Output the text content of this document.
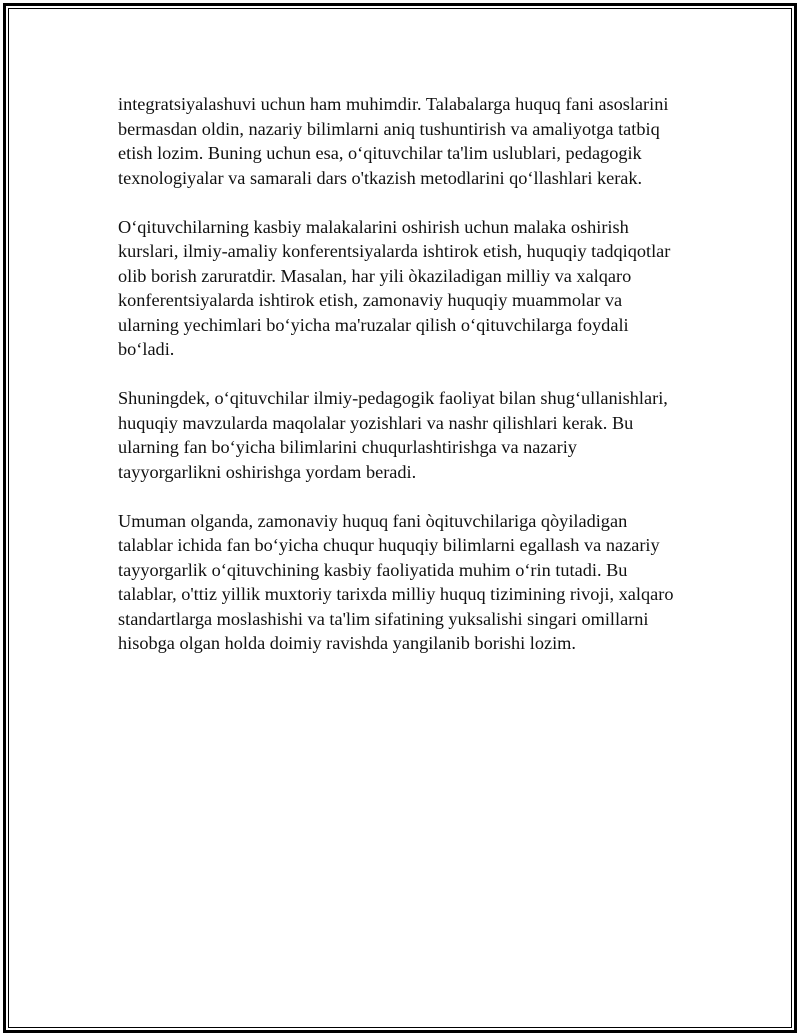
integratsiyalashuvi uchun ham muhimdir. Talabalarga huquq fani asoslarini
bermasdan oldin, nazariy bilimlarni aniq tushuntirish va amaliyotga tatbiq
etish lozim. Buning uchun esa, o‘qituvchilar ta'lim uslublari, pedagogik
texnologiyalar va samarali dars o'tkazish metodlarini qo‘llashlari kerak.

O‘qituvchilarning kasbiy malakalarini oshirish uchun malaka oshirish
kurslari, ilmiy-amaliy konferentsiyalarda ishtirok etish, huquqiy tadqiqotlar
olib borish zaruratdir. Masalan, har yili òkaziladigan milliy va xalqaro
konferentsiyalarda ishtirok etish, zamonaviy huquqiy muammolar va
ularning yechimlari bo‘yicha ma'ruzalar qilish o‘qituvchilarga foydali
bo‘ladi.

Shuningdek, o‘qituvchilar ilmiy-pedagogik faoliyat bilan shug‘ullanishlari,
huquqiy mavzularda maqolalar yozishlari va nashr qilishlari kerak. Bu
ularning fan bo‘yicha bilimlarini chuqurlashtirishga va nazariy
tayyorgarlikni oshirishga yordam beradi.

Umuman olganda, zamonaviy huquq fani òqituvchilariga qòyiladigan
talablar ichida fan bo‘yicha chuqur huquqiy bilimlarni egallash va nazariy
tayyorgarlik o‘qituvchining kasbiy faoliyatida muhim o‘rin tutadi. Bu
talablar, o'ttiz yillik muxtoriy tarixda milliy huquq tizimining rivoji, xalqaro
standartlarga moslashishi va ta'lim sifatining yuksalishi singari omillarni
hisobga olgan holda doimiy ravishda yangilanib borishi lozim.
